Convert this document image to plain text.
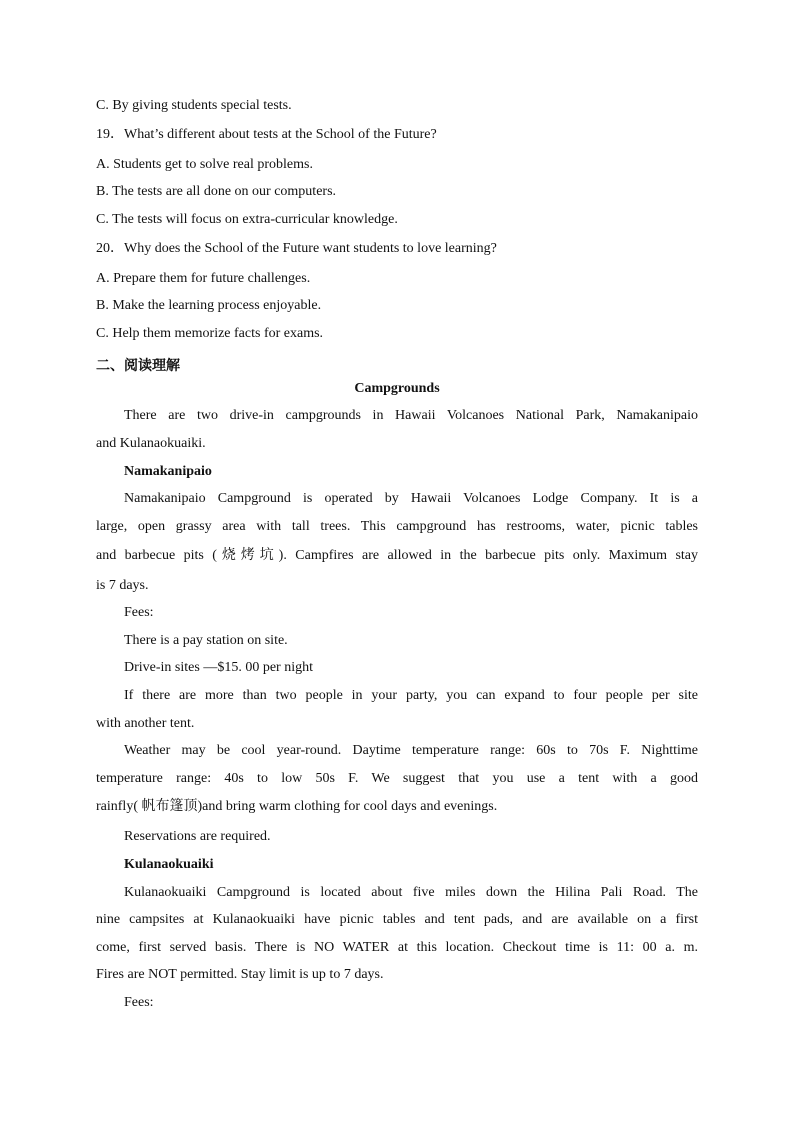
C. By giving students special tests.
19．What’s different about tests at the School of the Future?
A. Students get to solve real problems.
B. The tests are all done on our computers.
C. The tests will focus on extra-curricular knowledge.
20．Why does the School of the Future want students to love learning?
A. Prepare them for future challenges.
B. Make the learning process enjoyable.
C. Help them memorize facts for exams.
二、阅读理解
Campgrounds
There are two drive-in campgrounds in Hawaii Volcanoes National Park, Namakanipaio
and Kulanaokuaiki.
Namakanipaio
Namakanipaio Campground is operated by Hawaii Volcanoes Lodge Company. It is a
large, open grassy area with tall trees. This campground has restrooms, water, picnic tables
and barbecue pits (烧烤坑). Campfires are allowed in the barbecue pits only. Maximum stay
is 7 days.
Fees:
There is a pay station on site.
Drive-in sites —$15. 00 per night
If there are more than two people in your party, you can expand to four people per site
with another tent.
Weather may be cool year-round. Daytime temperature range: 60s to 70s F. Nighttime
temperature range: 40s to low 50s F. We suggest that you use a tent with a good
rainfly( 帆布篷顶)and bring warm clothing for cool days and evenings.
Reservations are required.
Kulanaokuaiki
Kulanaokuaiki Campground is located about five miles down the Hilina Pali Road. The
nine campsites at Kulanaokuaiki have picnic tables and tent pads, and are available on a first
come, first served basis. There is NO WATER at this location. Checkout time is 11: 00 a. m.
Fires are NOT permitted. Stay limit is up to 7 days.
Fees:
